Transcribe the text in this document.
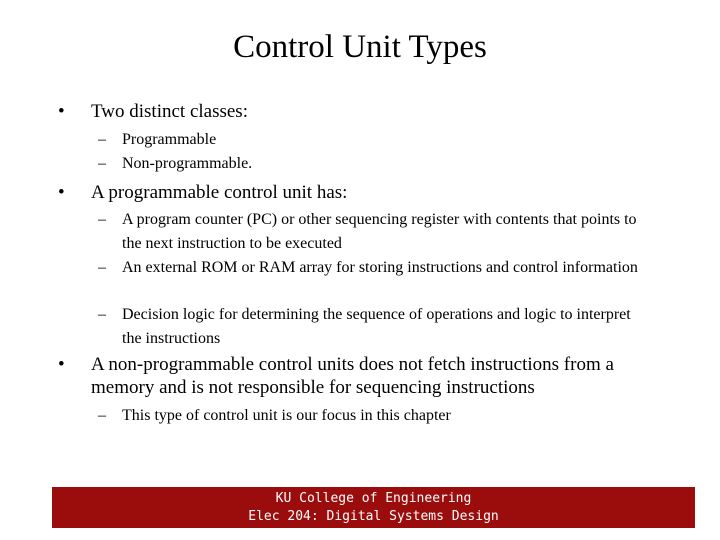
Control Unit Types
• Two distinct classes:
– Programmable
– Non-programmable.
• A programmable control unit has:
– A program counter (PC) or other sequencing register with contents that points to the next instruction to be executed
– An external ROM or RAM array for storing instructions and control information
– Decision logic for determining the sequence of operations and logic to interpret the instructions
• A non-programmable control units does not fetch instructions from a memory and is not responsible for sequencing instructions
– This type of control unit is our focus in this chapter
KU College of Engineering
Elec 204: Digital Systems Design
